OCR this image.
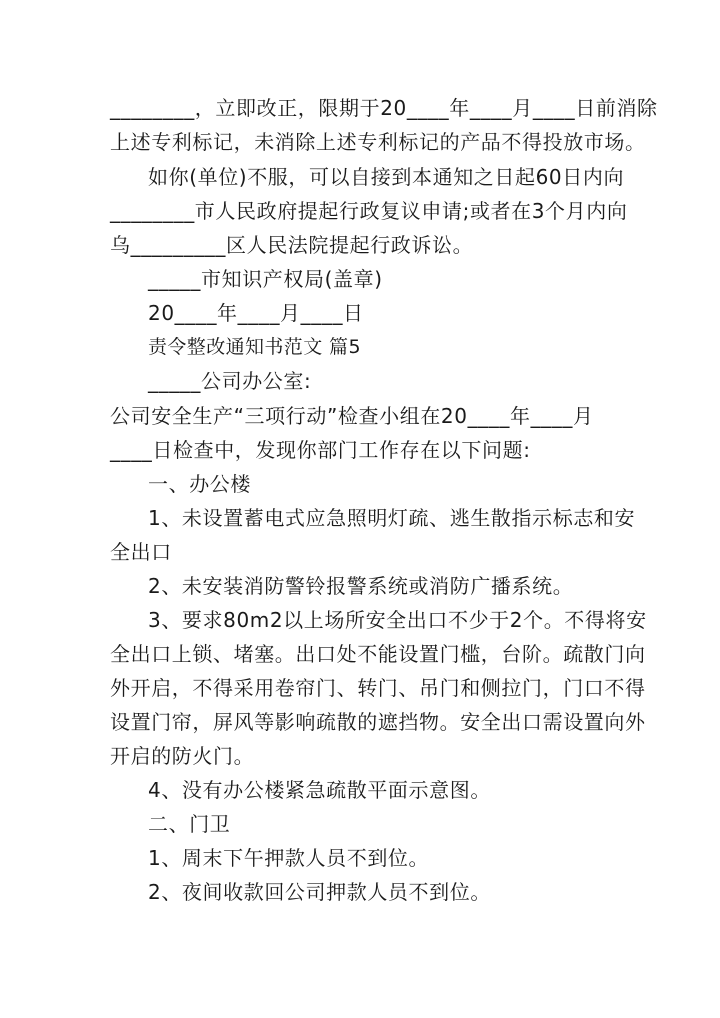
________，立即改正，限期于20____年____月____日前消除
上述专利标记，未消除上述专利标记的产品不得投放市场。
如你(单位)不服，可以自接到本通知之日起60日内向
________市人民政府提起行政复议申请;或者在3个月内向
乌_________区人民法院提起行政诉讼。
_____市知识产权局(盖章)
20____年____月____日
责令整改通知书范文 篇5
_____公司办公室:
公司安全生产“三项行动”检查小组在20____年____月
____日检查中，发现你部门工作存在以下问题:
一、办公楼
1、未设置蓄电式应急照明灯疏、逃生散指示标志和安
全出口
2、未安装消防警铃报警系统或消防广播系统。
3、要求80m2以上场所安全出口不少于2个。不得将安
全出口上锁、堵塞。出口处不能设置门槛，台阶。疏散门向
外开启，不得采用卷帘门、转门、吊门和侧拉门，门口不得
设置门帘，屏风等影响疏散的遮挡物。安全出口需设置向外
开启的防火门。
4、没有办公楼紧急疏散平面示意图。
二、门卫
1、周末下午押款人员不到位。
2、夜间收款回公司押款人员不到位。
